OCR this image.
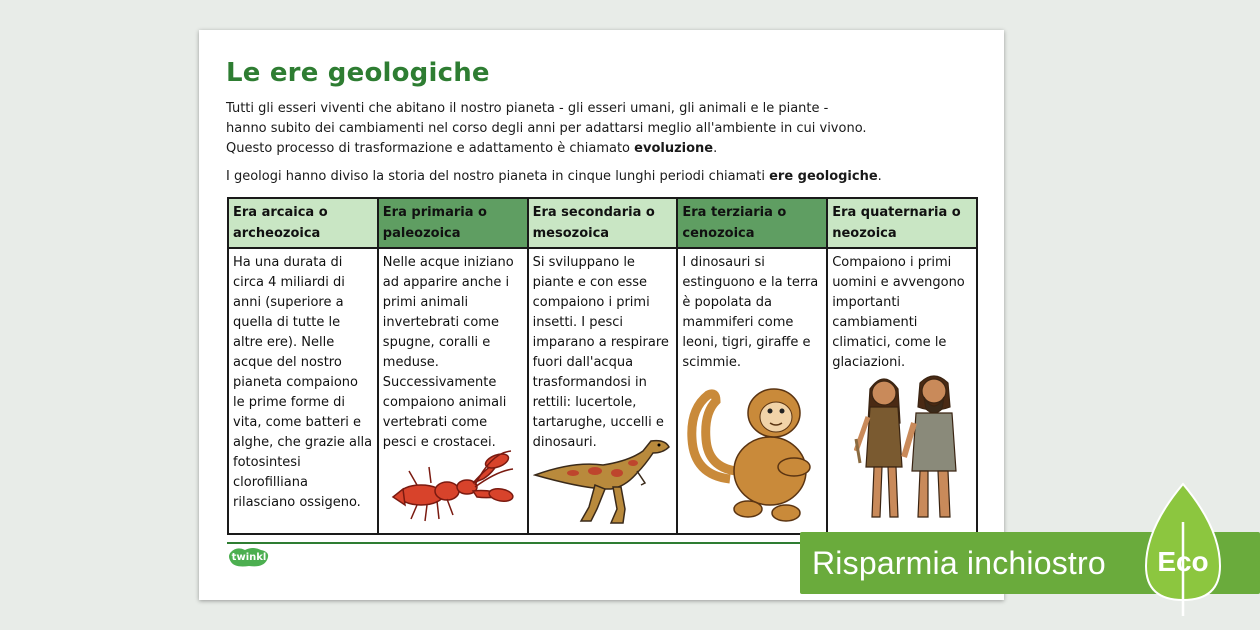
Le ere geologiche
Tutti gli esseri viventi che abitano il nostro pianeta - gli esseri umani, gli animali e le piante -
hanno subito dei cambiamenti nel corso degli anni per adattarsi meglio all'ambiente in cui vivono.
Questo processo di trasformazione e adattamento è chiamato evoluzione.
I geologi hanno diviso la storia del nostro pianeta in cinque lunghi periodi chiamati ere geologiche.
Era arcaica o archeozoica	Era primaria o paleozoica	Era secondaria o mesozoica	Era terziaria o cenozoica	Era quaternaria o neozoica

Ha una durata di circa 4 miliardi di anni (superiore a quella di tutte le altre ere). Nelle acque del nostro pianeta compaiono le prime forme di vita, come batteri e alghe, che grazie alla fotosintesi clorofilliana rilasciano ossigeno.	Nelle acque iniziano ad apparire anche i primi animali invertebrati come spugne, coralli e meduse. Successivamente compaiono animali vertebrati come pesci e crostacei.	Si sviluppano le piante e con esse compaiono i primi insetti. I pesci imparano a respirare fuori dall'acqua trasformandosi in rettili: lucertole, tartarughe, uccelli e dinosauri.	I dinosauri si estinguono e la terra è popolata da mammiferi come leoni, tigri, giraffe e scimmie.	Compaiono i primi uomini e avvengono importanti cambiamenti climatici, come le glaciazioni.
twinkl	Risparmia inchiostro	Eco
